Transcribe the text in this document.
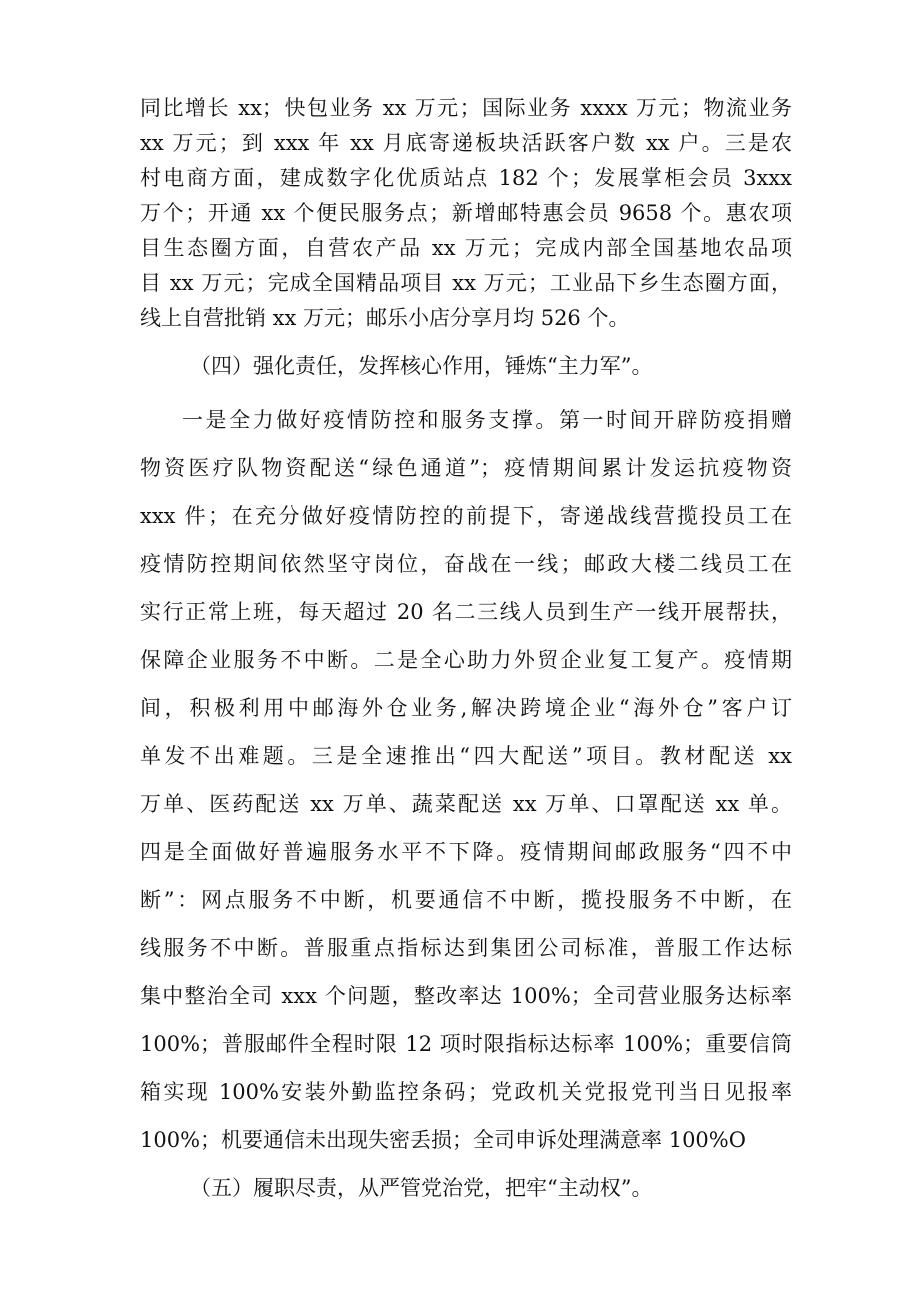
同比增长 xx；快包业务 xx 万元；国际业务 xxxx 万元；物流业务
xx 万元；到 xxx 年 xx 月底寄递板块活跃客户数 xx 户。三是农
村电商方面，建成数字化优质站点 182 个；发展掌柜会员 3xxx
万个；开通 xx 个便民服务点；新增邮特惠会员 9658 个。惠农项
目生态圈方面，自营农产品 xx 万元；完成内部全国基地农品项
目 xx 万元；完成全国精品项目 xx 万元；工业品下乡生态圈方面，
线上自营批销 xx 万元；邮乐小店分享月均 526 个。
（四）强化责任，发挥核心作用，锤炼“主力军”。
一是全力做好疫情防控和服务支撑。第一时间开辟防疫捐赠
物资医疗队物资配送“绿色通道”；疫情期间累计发运抗疫物资
xxx 件；在充分做好疫情防控的前提下，寄递战线营揽投员工在
疫情防控期间依然坚守岗位，奋战在一线；邮政大楼二线员工在
实行正常上班，每天超过 20 名二三线人员到生产一线开展帮扶，
保障企业服务不中断。二是全心助力外贸企业复工复产。疫情期
间，积极利用中邮海外仓业务,解决跨境企业“海外仓”客户订
单发不出难题。三是全速推出“四大配送”项目。教材配送 xx
万单、医药配送 xx 万单、蔬菜配送 xx 万单、口罩配送 xx 单。
四是全面做好普遍服务水平不下降。疫情期间邮政服务“四不中
断”：网点服务不中断，机要通信不中断，揽投服务不中断，在
线服务不中断。普服重点指标达到集团公司标准，普服工作达标
集中整治全司 xxx 个问题，整改率达 100%；全司营业服务达标率
100%；普服邮件全程时限 12 项时限指标达标率 100%；重要信筒
箱实现 100%安装外勤监控条码；党政机关党报党刊当日见报率
100%；机要通信未出现失密丢损；全司申诉处理满意率 100%O
（五）履职尽责，从严管党治党，把牢“主动权”。
